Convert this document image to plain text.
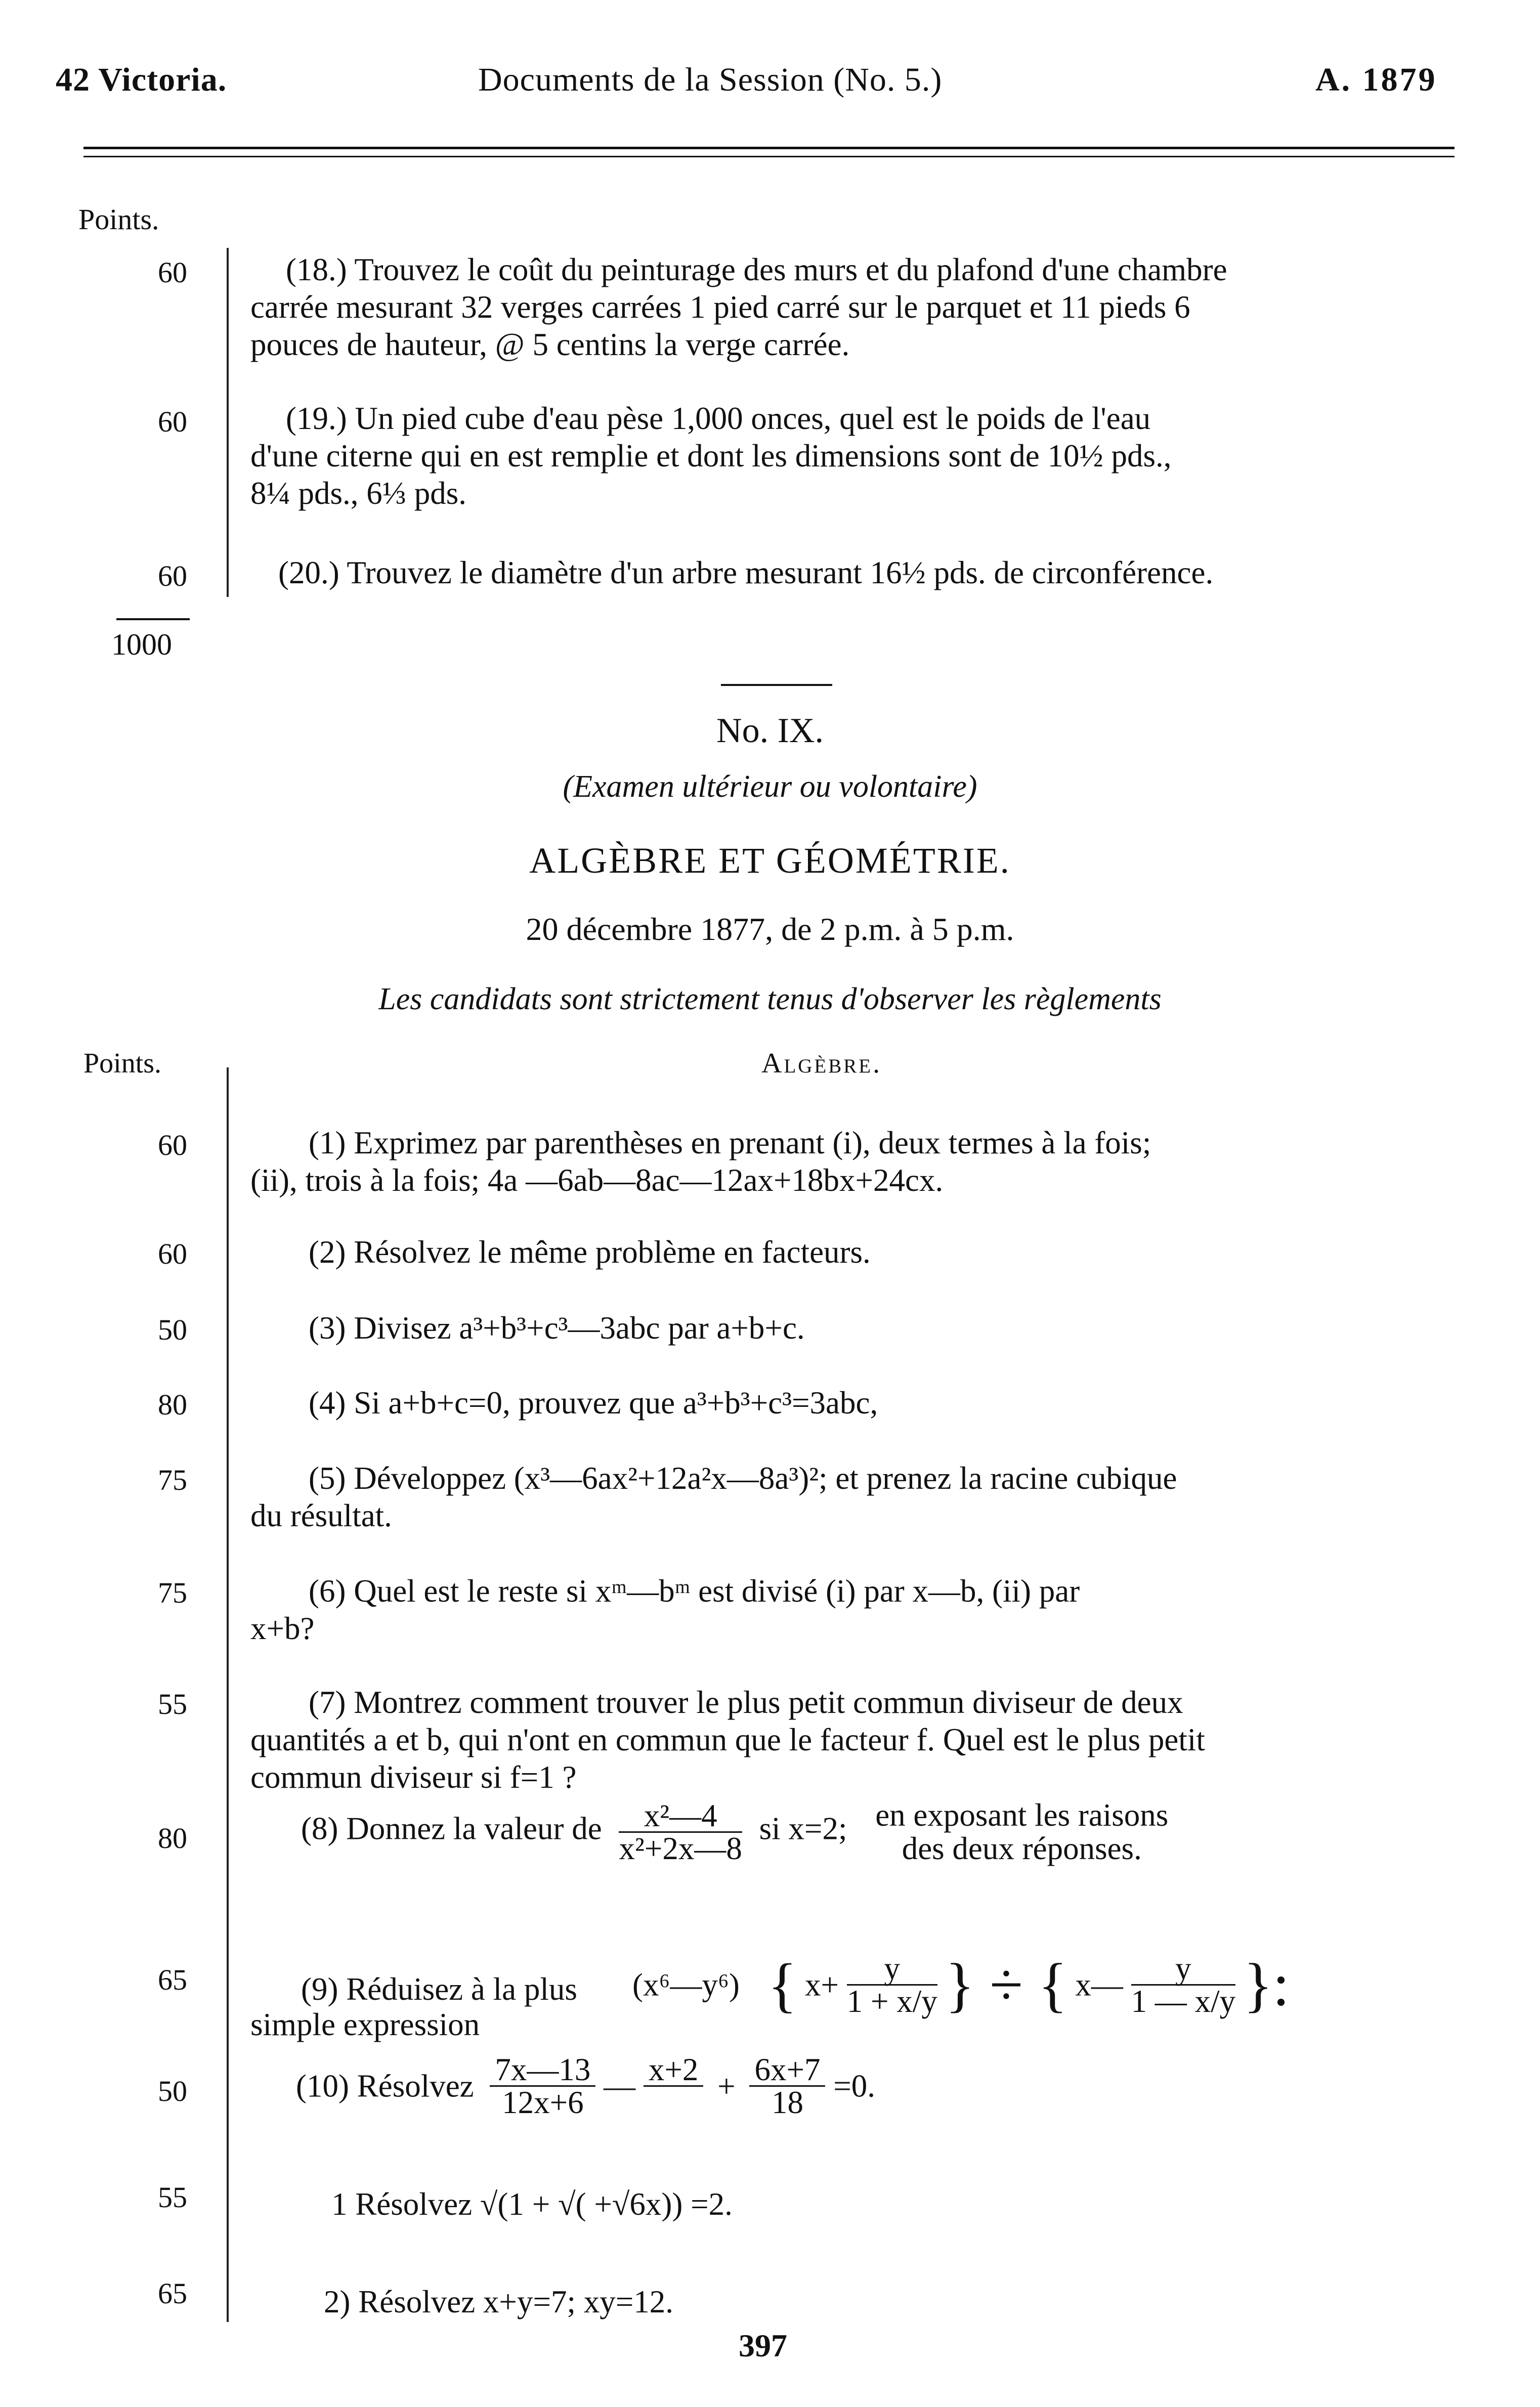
42 Victoria.	Documents de la Session (No. 5.)	A. 1879
Points.
60	(18.) Trouvez le coût du peinturage des murs et du plafond d'une chambre
carrée mesurant 32 verges carrées 1 pied carré sur le parquet et 11 pieds 6
pouces de hauteur, @ 5 centins la verge carrée.
60	(19.) Un pied cube d'eau pèse 1,000 onces, quel est le poids de l'eau
d'une citerne qui en est remplie et dont les dimensions sont de 10½ pds.,
8¼ pds., 6⅓ pds.
60	(20.) Trouvez le diamètre d'un arbre mesurant 16½ pds. de circonférence.
1000
No. IX.
(Examen ultérieur ou volontaire)
ALGÈBRE ET GÉOMÉTRIE.
20 décembre 1877, de 2 p.m. à 5 p.m.
Les candidats sont strictement tenus d'observer les règlements
Points.	Algèbre.
60	(1) Exprimez par parenthèses en prenant (i), deux termes à la fois;
(ii), trois à la fois; 4a —6ab—8ac—12ax+18bx+24cx.
60	(2) Résolvez le même problème en facteurs.
50	(3) Divisez a³+b³+c³—3abc par a+b+c.
80	(4) Si a+b+c=0, prouvez que a³+b³+c³=3abc,
75	(5) Développez (x³—6ax²+12a²x—8a³)²; et prenez la racine cubique
du résultat.
75	(6) Quel est le reste si xᵐ—bᵐ est divisé (i) par x—b, (ii) par
x+b?
55	(7) Montrez comment trouver le plus petit commun diviseur de deux
quantités a et b, qui n'ont en commun que le facteur f. Quel est le plus petit
commun diviseur si f=1 ?
80	(8) Donnez la valeur de $\frac{\text{x²—4}}{\text{x²+2x—8}}$ si x=2; en exposant les raisons
des deux réponses.
65	(9) Réduisez à la plus
simple expression
(x⁶—y⁶) { $x+ \frac{y}{1 + x/y}$ } ÷ { x— $\frac{y}{1 — x/y}$ }:
50	(10) Résolvez $\frac{7x—13}{12x+6}$ — x+2
+ $\frac{6x+7}{18} =0$.
55	1 Résolvez √(1 + √( +√6x)) =2.
65	2) Résolvez x+y=7; xy=12.
397
